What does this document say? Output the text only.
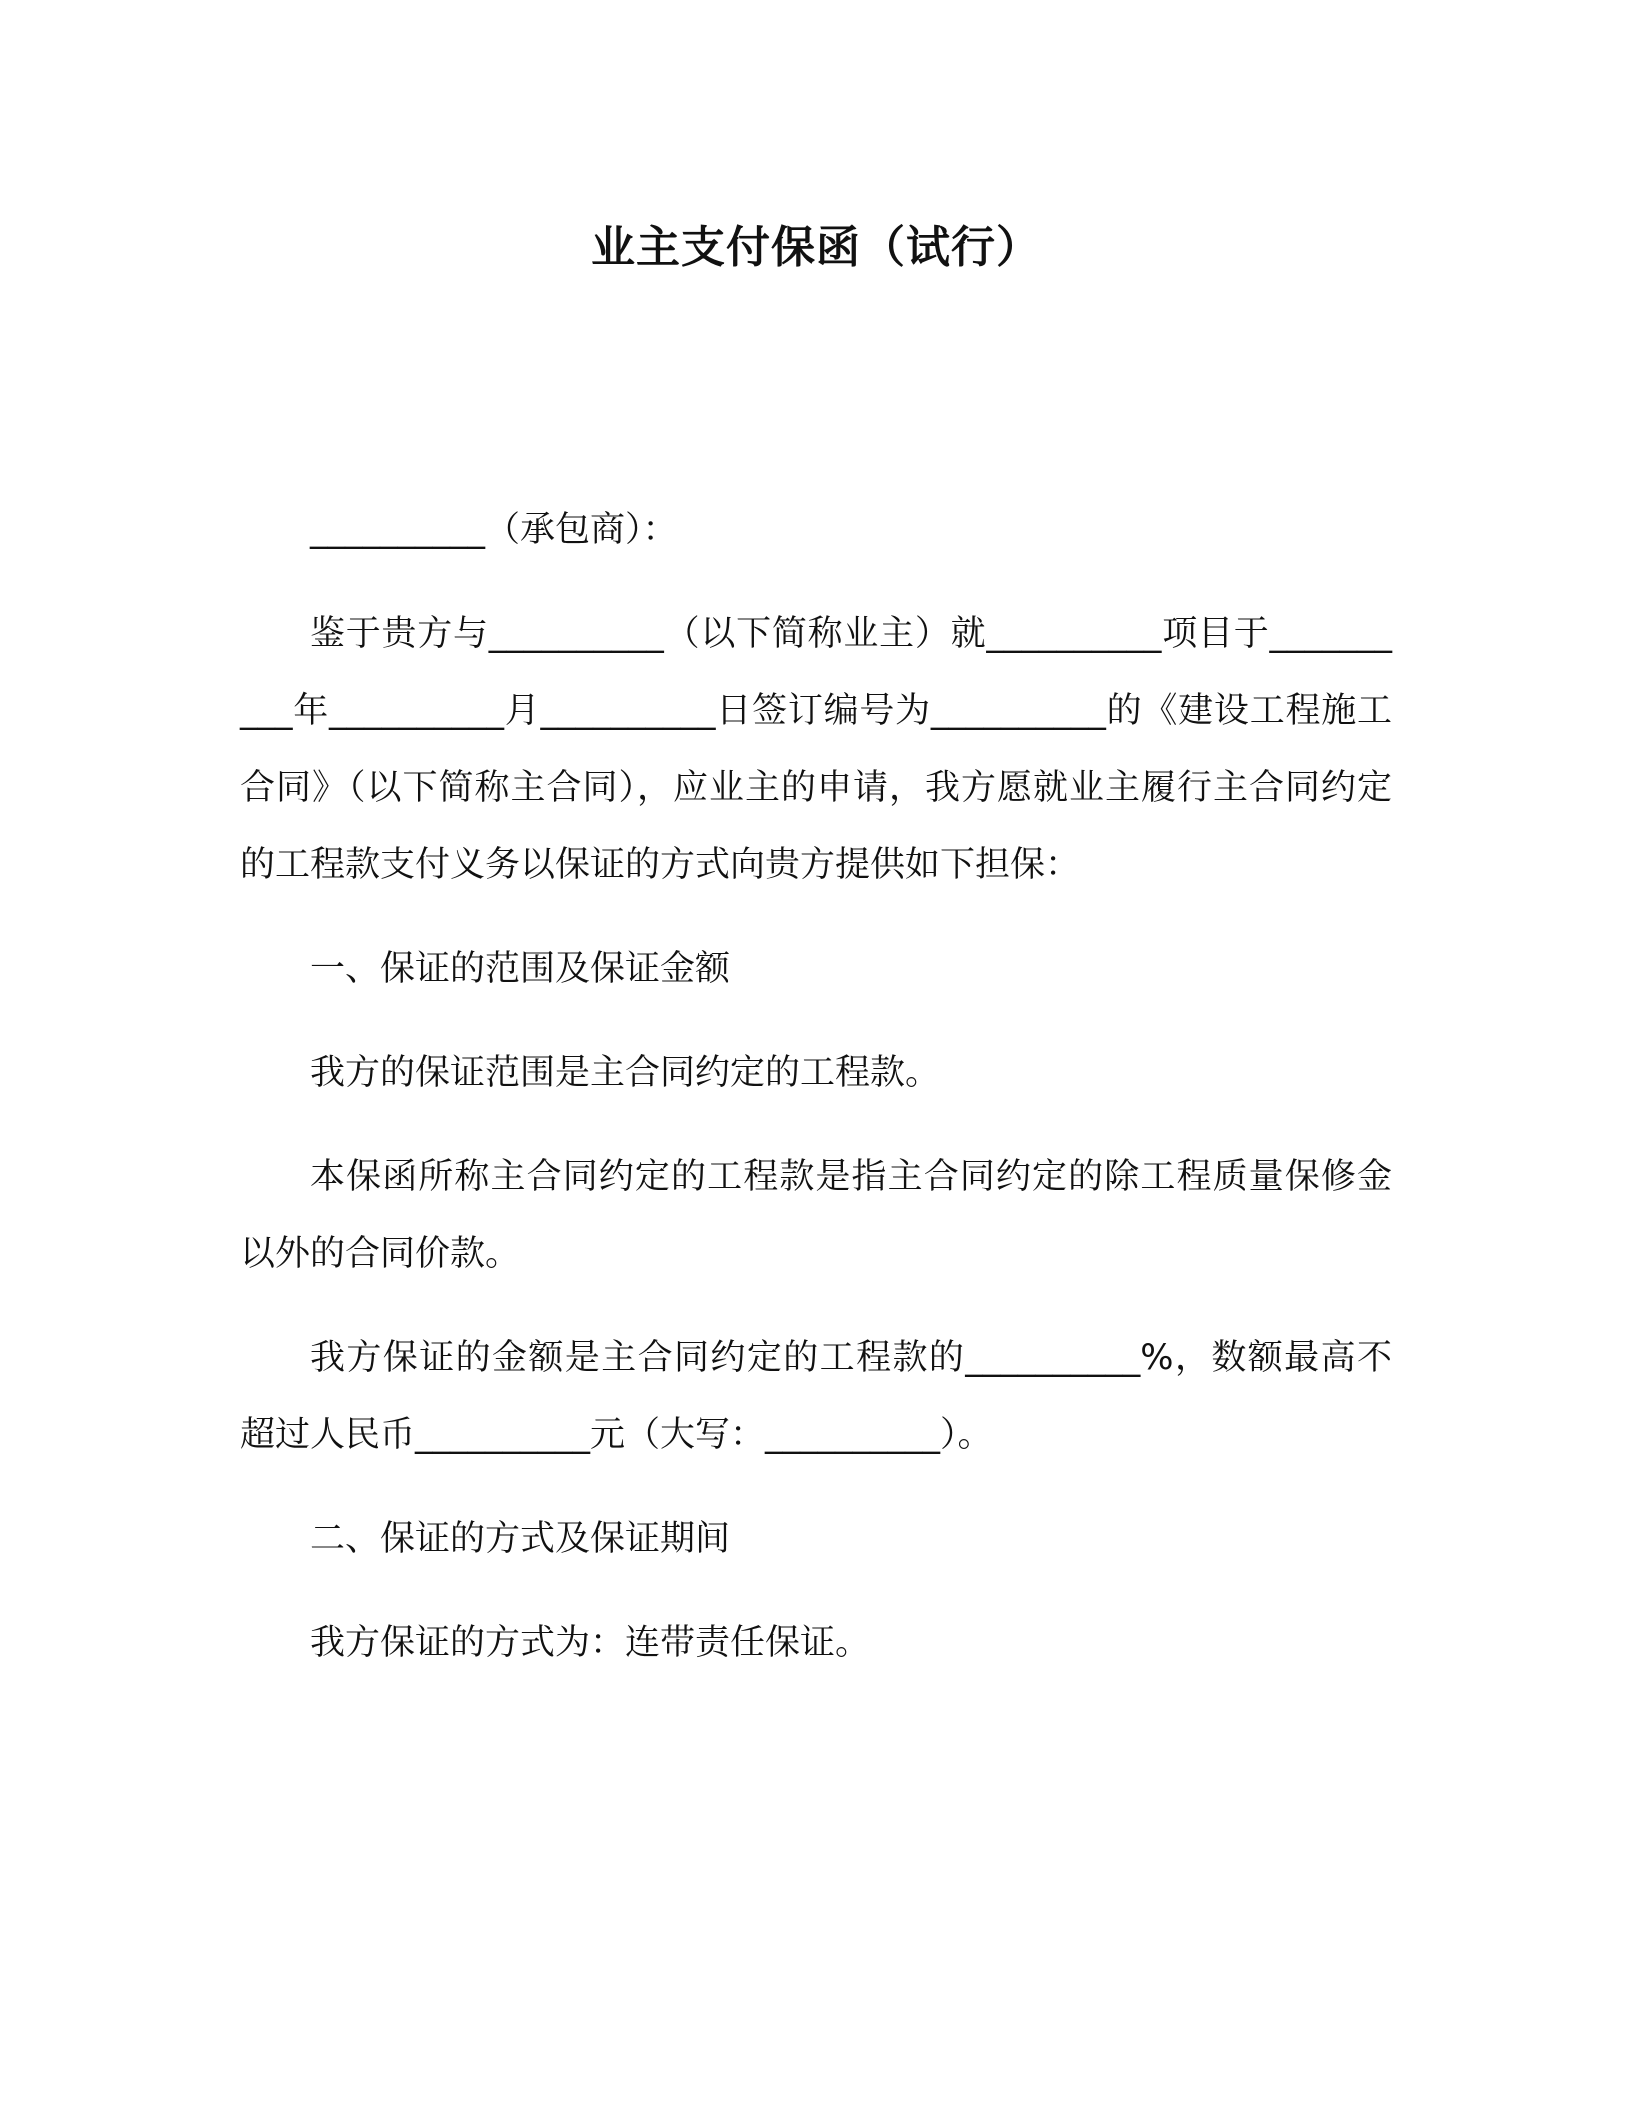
业主支付保函（试行）

__________（承包商）：

鉴于贵方与__________（以下简称业主）就__________项目于__________年__________月__________日签订编号为__________的《建设工程施工合同》（以下简称主合同），应业主的申请，我方愿就业主履行主合同约定的工程款支付义务以保证的方式向贵方提供如下担保：

一、保证的范围及保证金额

我方的保证范围是主合同约定的工程款。

本保函所称主合同约定的工程款是指主合同约定的除工程质量保修金以外的合同价款。

我方保证的金额是主合同约定的工程款的__________%，数额最高不超过人民币__________元（大写：__________）。

二、保证的方式及保证期间

我方保证的方式为：连带责任保证。
